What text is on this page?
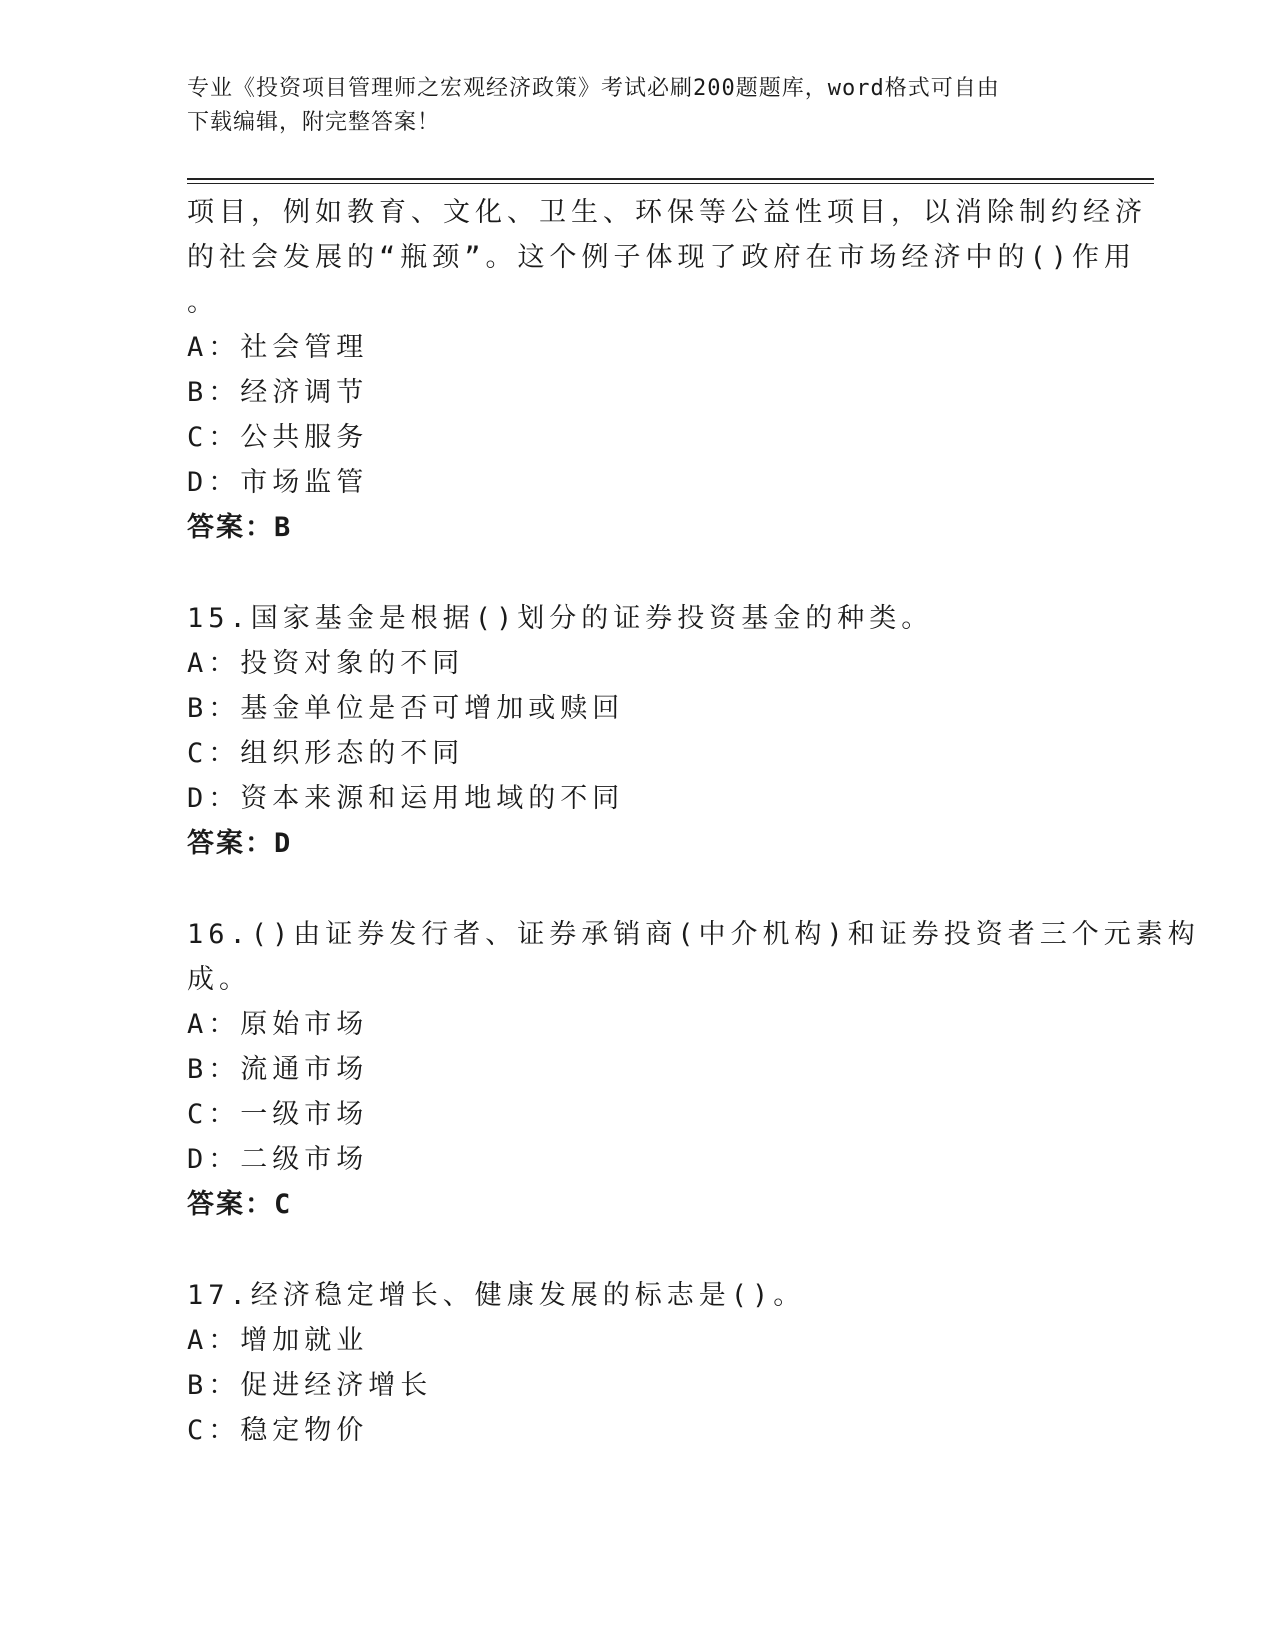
专业《投资项目管理师之宏观经济政策》考试必刷200题题库，word格式可自由
下载编辑，附完整答案！
项目，例如教育、文化、卫生、环保等公益性项目，以消除制约经济
的社会发展的“瓶颈”。这个例子体现了政府在市场经济中的()作用
。
A：社会管理
B：经济调节
C：公共服务
D：市场监管
答案：B
15.国家基金是根据()划分的证券投资基金的种类。
A：投资对象的不同
B：基金单位是否可增加或赎回
C：组织形态的不同
D：资本来源和运用地域的不同
答案：D
16.()由证券发行者、证券承销商(中介机构)和证券投资者三个元素构
成。
A：原始市场
B：流通市场
C：一级市场
D：二级市场
答案：C
17.经济稳定增长、健康发展的标志是()。
A：增加就业
B：促进经济增长
C：稳定物价
